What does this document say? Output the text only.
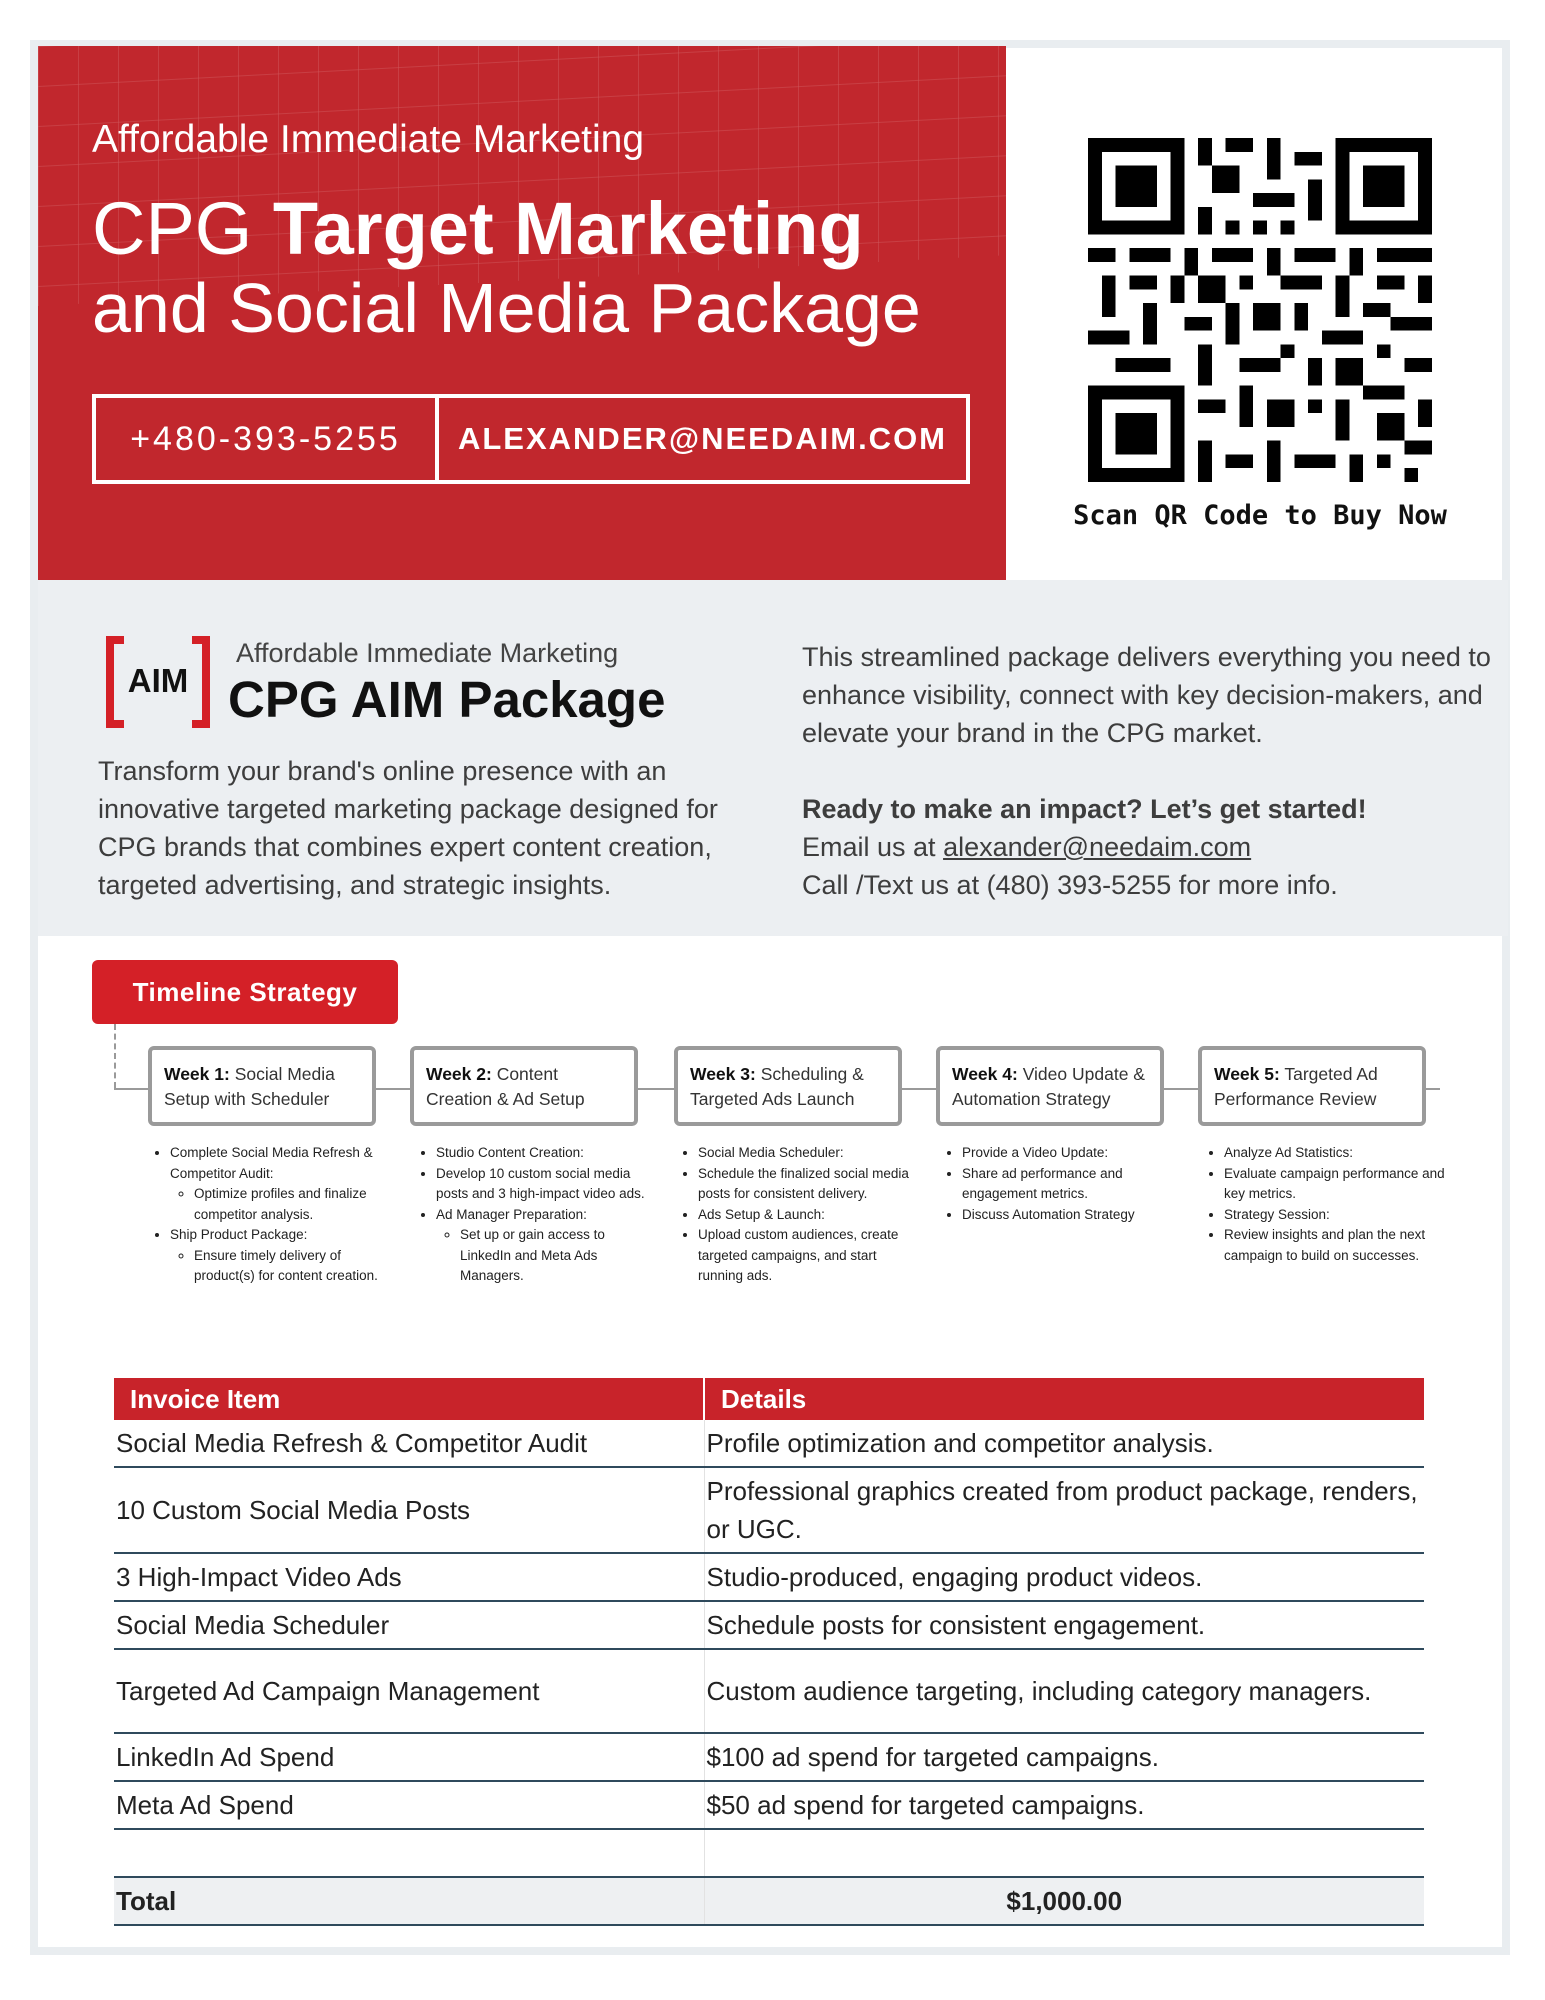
Affordable Immediate Marketing
CPG Target Marketing
and Social Media Package
+480-393-5255	ALEXANDER@NEEDAIM.COM
Scan QR Code to Buy Now
AIM
Affordable Immediate Marketing
CPG AIM Package
Transform your brand's online presence with an innovative targeted marketing package designed for CPG brands that combines expert content creation, targeted advertising, and strategic insights.

This streamlined package delivers everything you need to enhance visibility, connect with key decision-makers, and elevate your brand in the CPG market.

Ready to make an impact? Let’s get started!

Email us at alexander@needaim.com

Call /Text us at (480) 393-5255 for more info.

Timeline Strategy
Week 1: Social Media Setup with Scheduler
Week 2: Content Creation & Ad Setup
Week 3: Scheduling & Targeted Ads Launch
Week 4: Video Update & Automation Strategy
Week 5: Targeted Ad Performance Review
• Complete Social Media Refresh & Competitor Audit:
◦ Optimize profiles and finalize competitor analysis.
• Ship Product Package:
◦ Ensure timely delivery of product(s) for content creation.
• Studio Content Creation:
• Develop 10 custom social media posts and 3 high-impact video ads.
• Ad Manager Preparation:
◦ Set up or gain access to LinkedIn and Meta Ads Managers.
• Social Media Scheduler:
• Schedule the finalized social media posts for consistent delivery.
• Ads Setup & Launch:
• Upload custom audiences, create targeted campaigns, and start running ads.
• Provide a Video Update:
• Share ad performance and engagement metrics.
• Discuss Automation Strategy
• Analyze Ad Statistics:
• Evaluate campaign performance and key metrics.
• Strategy Session:
• Review insights and plan the next campaign to build on successes.
Invoice Item	Details
Social Media Refresh & Competitor Audit	Profile optimization and competitor analysis.
10 Custom Social Media Posts	Professional graphics created from product package, renders, or UGC.
3 High-Impact Video Ads	Studio-produced, engaging product videos.
Social Media Scheduler	Schedule posts for consistent engagement.
Targeted Ad Campaign Management	Custom audience targeting, including category managers.
LinkedIn Ad Spend	$100 ad spend for targeted campaigns.
Meta Ad Spend	$50 ad spend for targeted campaigns.

Total	$1,000.00
